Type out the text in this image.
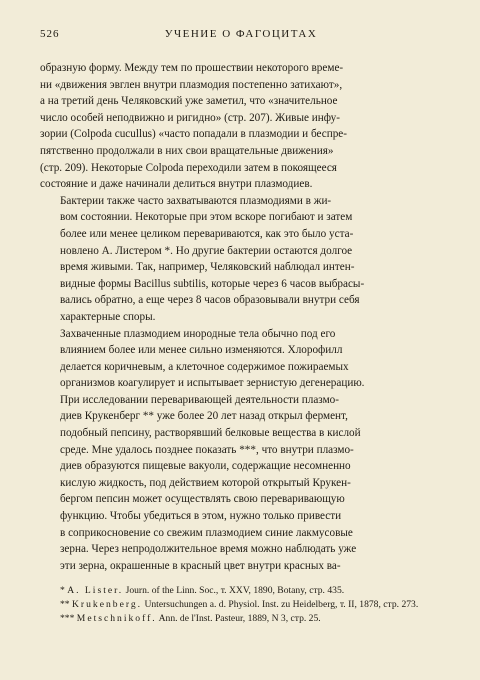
526	УЧЕНИЕ О ФАГОЦИТАХ

образную форму. Между тем по прошествии некоторого време-
ни «движения эвглен внутри плазмодия постепенно затихают»,
а на третий день Челяковский уже заметил, что «значительное
число особей неподвижно и ригидно» (стр. 207). Живые инфу-
зории (Colpoda cucullus) «часто попадали в плазмодии и беспре-
пятственно продолжали в них свои вращательные движения»
(стр. 209). Некоторые Colpoda переходили затем в покоящееся
состояние и даже начинали делиться внутри плазмодиев.

Бактерии также часто захватываются плазмодиями в жи-
вом состоянии. Некоторые при этом вскоре погибают и затем
более или менее целиком перевариваются, как это было уста-
новлено А. Листером *. Но другие бактерии остаются долгое
время живыми. Так, например, Челяковский наблюдал интен-
видные формы Bacillus subtilis, которые через 6 часов выбрасы-
вались обратно, а еще через 8 часов образовывали внутри себя
характерные споры.

Захваченные плазмодием инородные тела обычно под его
влиянием более или менее сильно изменяются. Хлорофилл
делается коричневым, а клеточное содержимое пожираемых
организмов коагулирует и испытывает зернистую дегенерацию.

При исследовании переваривающей деятельности плазмо-
диев Крукенберг ** уже более 20 лет назад открыл фермент,
подобный пепсину, растворявший белковые вещества в кислой
среде. Мне удалось позднее показать ***, что внутри плазмо-
диев образуются пищевые вакуоли, содержащие несомненно
кислую жидкость, под действием которой открытый Крукен-
бергом пепсин может осуществлять свою переваривающую
функцию. Чтобы убедиться в этом, нужно только привести
в соприкосновение со свежим плазмодием синие лакмусовые
зерна. Через непродолжительное время можно наблюдать уже
эти зерна, окрашенные в красный цвет внутри красных ва-

* A. Lister. Journ. of the Linn. Soc., т. XXV, 1890, Botany, стр. 435.

** Krukenberg. Untersuchungen a. d. Physiol. Inst. zu Heidelberg, т. II, 1878, стр. 273.

*** Metschnikoff. Ann. de l'Inst. Pasteur, 1889, N 3, стр. 25.
